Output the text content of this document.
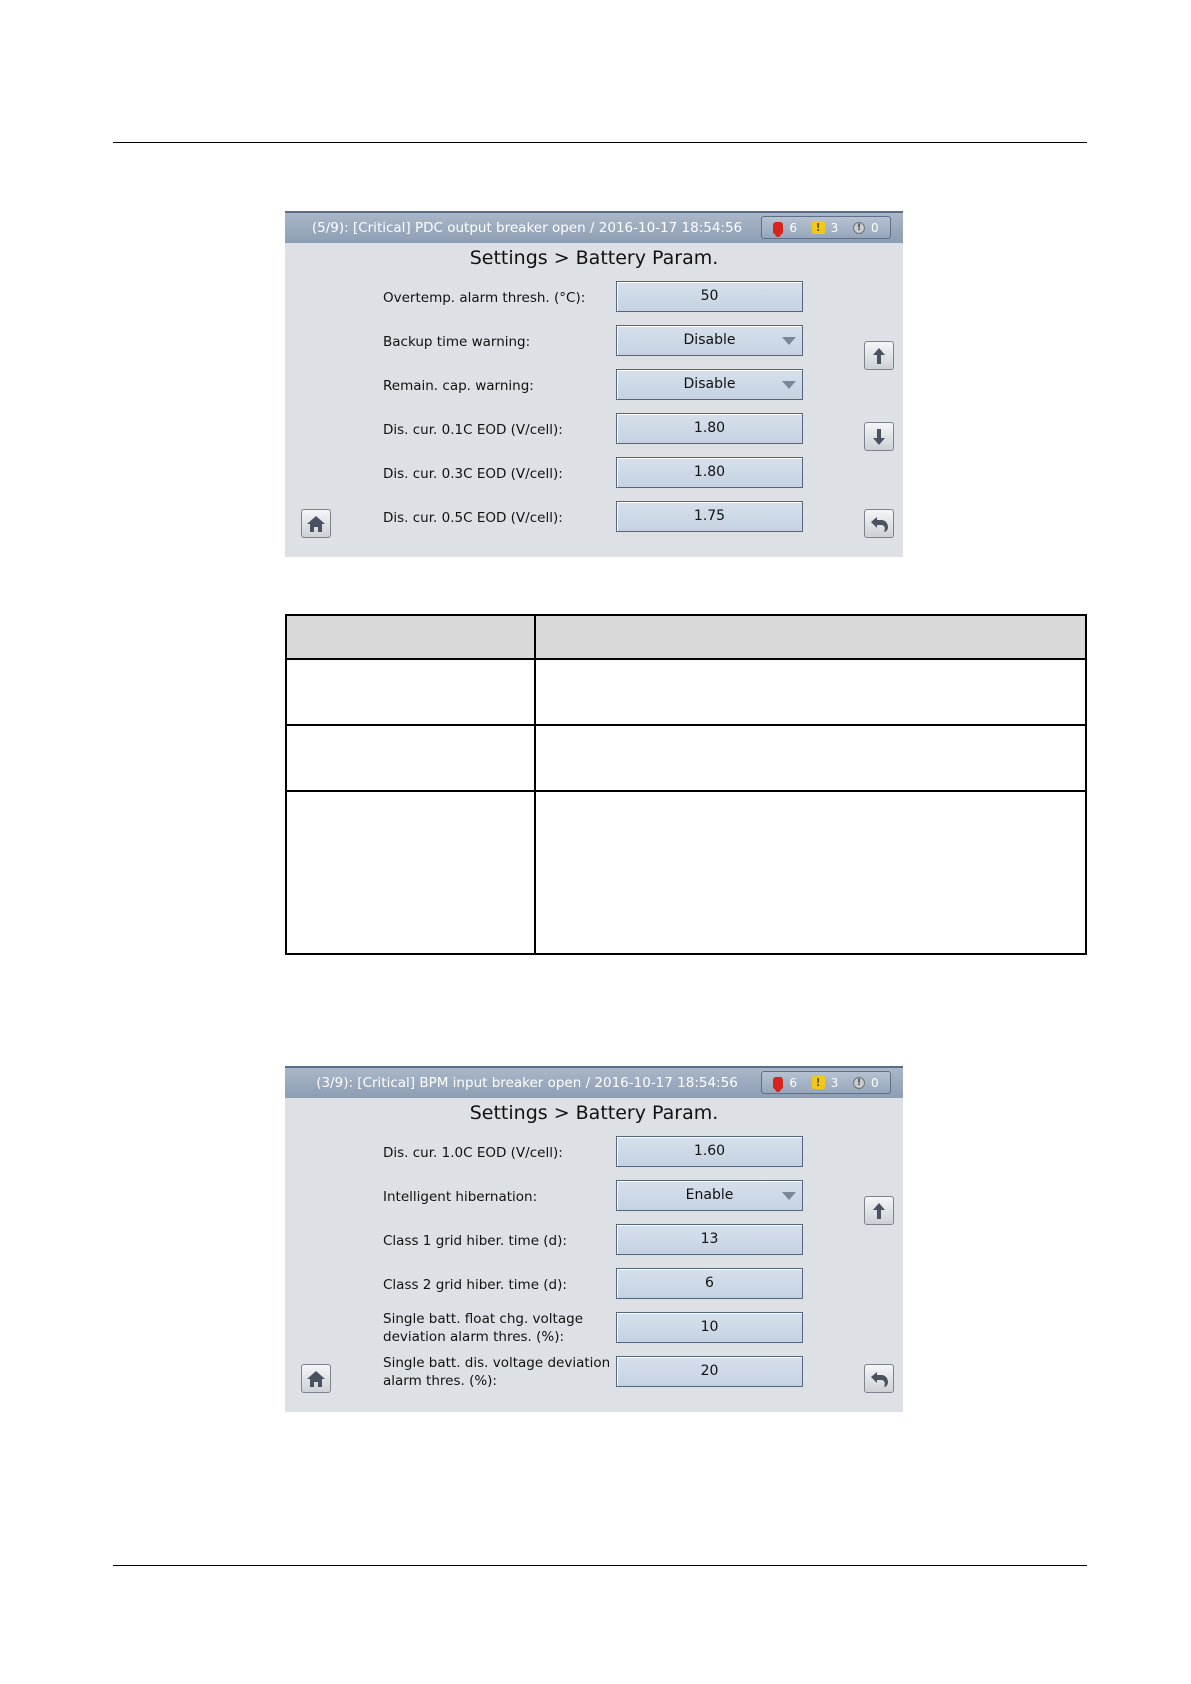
(5/9): [Critical] PDC output breaker open / 2016-10-17 18:54:56	6	! 3	! 0
Settings > Battery Param.
Overtemp. alarm thresh. (°C):	50
Backup time warning:	Disable
Remain. cap. warning:	Disable
Dis. cur. 0.1C EOD (V/cell):	1.80
Dis. cur. 0.3C EOD (V/cell):	1.80
Dis. cur. 0.5C EOD (V/cell):	1.75
(3/9): [Critical] BPM input breaker open / 2016-10-17 18:54:56	6	! 3	! 0
Settings > Battery Param.
Dis. cur. 1.0C EOD (V/cell):	1.60
Intelligent hibernation:	Enable
Class 1 grid hiber. time (d):	13
Class 2 grid hiber. time (d):	6
Single batt. float chg. voltage deviation alarm thres. (%):
10
Single batt. dis. voltage deviation alarm thres. (%):
20
